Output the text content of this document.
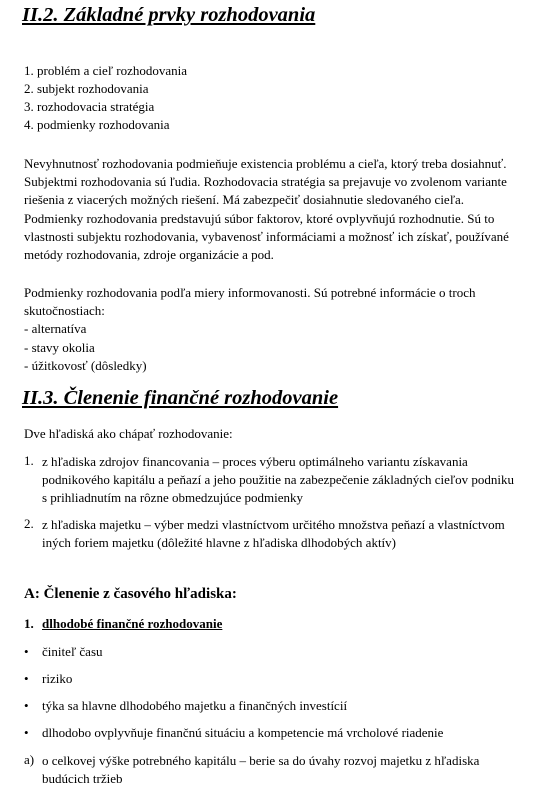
II.2. Základné prvky rozhodovania
1. problém a cieľ rozhodovania
2. subjekt rozhodovania
3. rozhodovacia stratégia
4. podmienky rozhodovania
Nevyhnutnosť rozhodovania podmieňuje existencia problému a cieľa, ktorý treba dosiahnuť.
Subjektmi rozhodovania sú ľudia. Rozhodovacia stratégia sa prejavuje vo zvolenom variante
riešenia z viacerých možných riešení. Má zabezpečiť dosiahnutie sledovaného cieľa.
Podmienky rozhodovania predstavujú súbor faktorov, ktoré ovplyvňujú rozhodnutie. Sú to
vlastnosti subjektu rozhodovania, vybavenosť informáciami a možnosť ich získať, používané
metódy rozhodovania, zdroje organizácie a pod.
Podmienky rozhodovania podľa miery informovanosti. Sú potrebné informácie o troch
skutočnostiach:
- alternatíva
- stavy okolia
- úžitkovosť (dôsledky)
II.3. Členenie finančné rozhodovanie
Dve hľadiská ako chápať rozhodovanie:
1. z hľadiska zdrojov financovania – proces výberu optimálneho variantu získavania
podnikového kapitálu a peňazí a jeho použitie na zabezpečenie základných cieľov podniku
s prihliadnutím na rôzne obmedzujúce podmienky
2. z hľadiska majetku – výber medzi vlastníctvom určitého množstva peňazí a vlastníctvom
iných foriem majetku (dôležité hlavne z hľadiska dlhodobých aktív)
A: Členenie z časového hľadiska:
1. dlhodobé finančné rozhodovanie
• činiteľ času
• riziko
• týka sa hlavne dlhodobého majetku a finančných investícií
• dlhodobo ovplyvňuje finančnú situáciu a kompetencie má vrcholové riadenie
a) o celkovej výške potrebného kapitálu – berie sa do úvahy rozvoj majetku z hľadiska
budúcich tržieb
